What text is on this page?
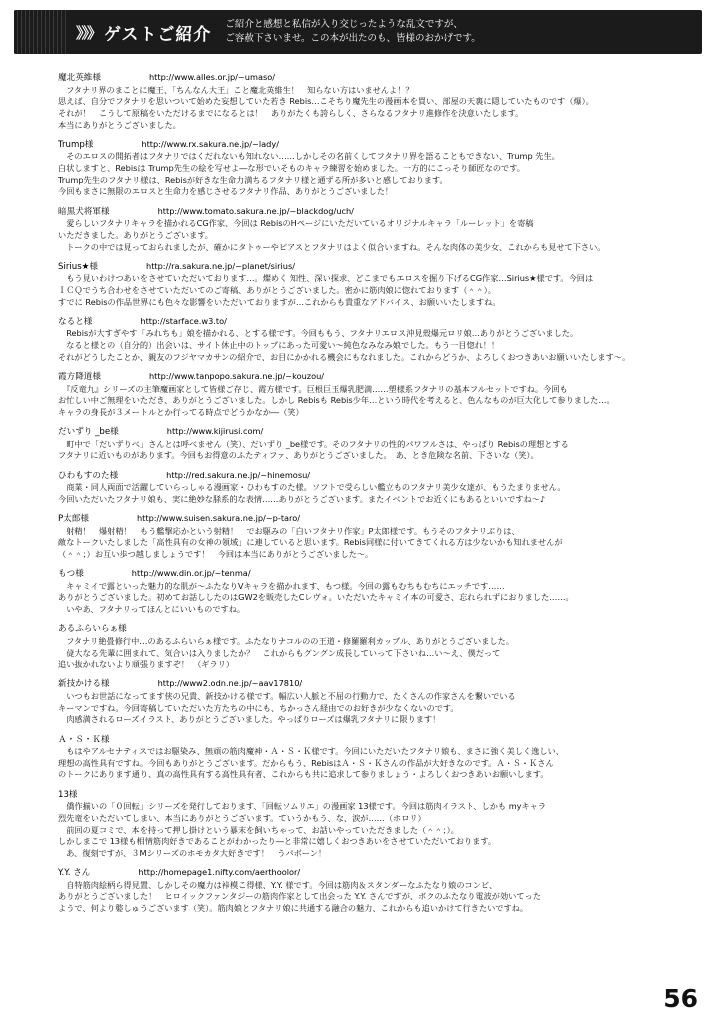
》》》 ゲストご紹介
ご紹介と感想と私信が入り交じったような乱文ですが、
ご容赦下さいませ。この本が出たのも、皆様のおかげです。
魔北英維様	http://www.alles.or.jp/~umaso/

　フタナリ界のまことに魔王、「ちんなん大王」こと魔北英維生！　知らない方はいませんよ！？

思えば、自分でフタナリを思いついて始めた妄想していた若き Rebis…こそちり魔先生の漫画本を買い、部屋の天裏に隠していたものです（爆）。

それが！　こうして原稿をいただけるまでになるとは！　ありがたくも誇らしく、さらなるフタナリ進修作を決意いたします。

本当にありがとうございました。

Trump様	http://www.rx.sakura.ne.jp/~lady/

　そのエロスの開拓者はフタナリではくだれないも知れない……しかしその名前くしてフタナリ界を語ることもできない、Trump 先生。

白状しますと、Rebisは Trump先生の絵を写せよ―な形でいそものキャラ練習を始めました。一方的にこっそり師匠なのです。

Trump先生のフタナリ様は、Rebisが好きな生命力満ちるフタナリ様と通ずる所が多いと感しております。

今回もまさに無限のエロスと生命力を感じさせるフタナリ作品、ありがとうございました！

暗黒犬将軍様	http://www.tomato.sakura.ne.jp/~blackdog/uch/

　愛らしいフタナリキャラを描かれるCG作家、今回は RebisのHページにいただいているオリジナルキャラ「ルーレット」を寄稿

いただきました。ありがとうございます。

　トークの中では見っておられましたが、確かにタトゥーやピアスとフタナリはよく似合いますね。そんな肉体の美少女、これからも見せて下さい。

Sirius★様	http://ra.sakura.ne.jp/~planet/sirius/

　もう見いわけつあいをさせていただいております…。燦めく 知性、深い探求、どこまでもエロスを掘り下げるCG作家…Sirius★様です。今回は

ＩＣＱでうち合わせをさせていただいてのご寄稿、ありがとうございました。密かに筋肉娘に惚れております（＾＾）。

すでに Rebisの作品世界にも色々な影響をいただいておりますが…これからも貴重なアドバイス、お願いいたしますね。

なると様	http://starface.w3.to/

　Rebisが大すぎやす「みれちも」娘を描かれる、とする様です。今回ももう、フタナリエロス沖見殼爆元ロリ娘…ありがとうございました。

　なると様との（自分的）出会いは、サイト休止中のトップにあった可愛い〜純色なみなみ娘でした。もう一目惚れ！！

それがどうしたことか、親友のフジヤマカサンの紹介で、お目にかかれる機会にもなれました。これからどうか、よろしくおつきあいお願いいたします〜。

霞方降道様	http://www.tanpopo.sakura.ne.jp/~kouzou/

　『反竜九』シリーズの主筆魔画家として皆様ご存じ、霞方様です。巨根巨玉爆乳肥満……塑様系フタナリの基本フルセットですね。今回も

お忙しい中ご無理をいただき、ありがとうございました。しかし Rebisも Rebis少年…という時代を考えると、色んなものが巨大化して参りました…。

キャラの身長が３メートルとか行ってる時点でどうかなか―（笑）

だいずり _be様	http://www.kijirusi.com/

　町中で「だいずりべ」さんとは呼べません（笑）、だいずり _be様です。そのフタナリの性的パワフルさは、やっぱり Rebisの理想とする

フタナリに近いものがあります。今回もお得意のふたティファ、ありがとうございました。　あ、とき危険な名前、下さいな（笑）。

ひわもすのた様	http://red.sakura.ne.jp/~hinemosu/

　商業・同人両面で活躍していらっしゃる漫画家・ひわもすのた様。ソフトで受らしい艦立ものフタナリ美少女達が、もうたまりません。

今回いただいたフタナリ娘も、実に絶妙な脎系的な表情……ありがとうございます。またイベントでお近くにもあるといいですね〜♪

P太郎様	http://www.suisen.sakura.ne.jp/~p-taro/

　射精！　爆射精！　もう艦撃応かという射精！　でお駆みの「白いフタナリ作家」P太郎様です。もうそのフタナリぶりは、

敵なトークいたしました「高性具有の女神の領域」に連していると思います。Rebis同様に付いてきてくれる方は少ないかも知れませんが

（＾＾；）お互い歩つ越しましょうです！　今回は本当にありがとうございました〜。

もつ様	http://www.din.or.jp/~tenma/

　キャミイで露といった魅力的な肌が〜ふたなりVキャラを描かれます、もつ様。今回の露もむちもむちにエッチです……

ありがとうございました。初めてお話ししたのはGW2を販売したCレヴォ。いただいたキャミイ本の可愛さ、忘れられずにおりました……。

　いやあ、フタナリってほんとにいいものですね。

あるふらいらぁ様

　フタナリ絶畳修行中…のあるふらいらぁ様です。ふたなりナコルのの王道・修羅羅利カップル、ありがとうございました。

　偼大なる先輩に囲まれて、気合いは入りましたか？　これからもグングン成長していって下さいね…い〜え、僕だって

追い抜かれないより頑張りますぞ！　（ギラリ）

新技かける様	http://www2.odn.ne.jp/~aav17810/

　いつもお世話になってます侠の兄貴、新技かける様です。幅広い人脈と不屈の行動力で、たくさんの作家さんを繋いでいる

キーマンですね。今回寄稿していただいた方たちの中にも、ちかっさん経由でのお好きが少なくないのです。

　肉感満されるローズイラスト、ありがとうございました。やっぱりローズは爆乳フタナリに限ります！

Ａ・Ｓ・Ｋ様

　もはやアルセナティスではお駆染み、無頑の筋肉魔神・Ａ・Ｓ・Ｋ様です。今回にいただいたフタナリ娘も、まさに強く美しく逸しい、

理想の高性具有ですね。今回もありがとうございます。だからもう、RebisはＡ・Ｓ・Ｋさんの作品が大好きなのです。Ａ・Ｓ・Ｋさん

のトークにあります通り、真の高性具有する高性具有者、これからも共に追求して参りましょう・よろしくおつきあいお願いします。

13様

　僑作揃いの「０回転」シリーズを発行しております、「回転ソムリエ」の漫画家 13様です。今回は筋肉イラスト、しかも myキャラ

烈先竜をいただいてしまい、本当にありがとうございます。ていうかもう、な、涙が……（ホロリ）

　前回の夏コミで、本を持って押し掛けという暴末を飼いちゃって、お話いやっていただきました（＾＾；）。

しかしまこで 13様も相情筋肉好きであることがわかったり―と非常に嬉しくおつきあいをさせていただいております。

　あ、復刻ですが、３Mシリーズのホモカタ大好きです！　うパボーン！

Y.Y. さん	http://homepage1.nifty.com/aerthoolor/

　自特筋肉絵柄ら得見置、しかしその魔力は裃模こ得様、Y.Y. 様です。今回は筋肉＆スタンダーなふたなり娘のコンビ、

ありがとうございました！　ヒロイックファンタジーの筋肉作家として出会った Y.Y. さんですが、ボクのふたなり電波が効いてった

ようで、何より嬜しゅうございます（笑）。筋肉娘とフタナリ娘に共通する融合の魅力、これからも追いかけて行きたいですね。

56
